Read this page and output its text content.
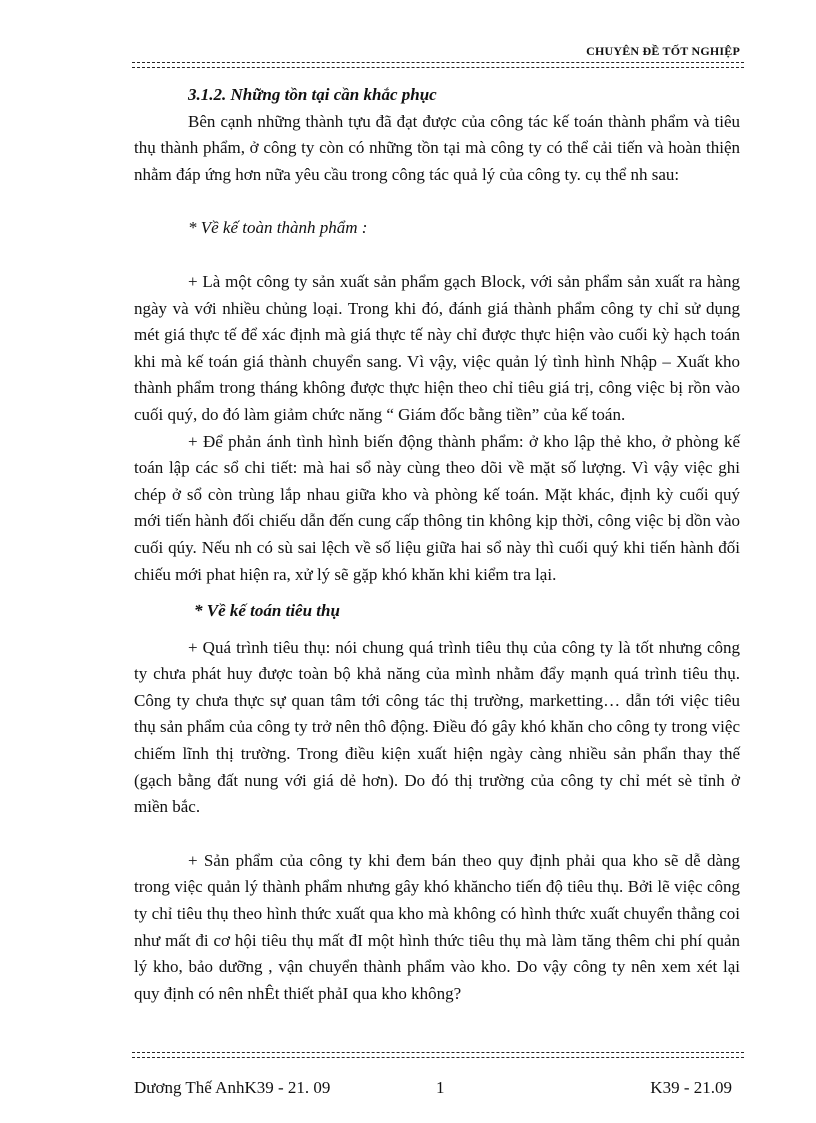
CHUYÊN ĐỀ TỐT NGHIỆP

3.1.2. Những tồn tại cần khắc phục

Bên cạnh những thành tựu đã đạt được của công tác kế toán thành phẩm và tiêu thụ thành phẩm, ở công ty còn có những tồn tại mà công ty có thể cải tiến và hoàn thiện nhằm đáp ứng hơn nữa yêu cầu trong công tác quả lý của công ty. cụ thể nh sau:

* Về kế toàn thành phẩm :

+ Là một công ty sản xuất sản phẩm gạch Block, với sản phẩm sản xuất ra hàng ngày và với nhiều chủng loại. Trong khi đó, đánh giá thành phẩm công ty chỉ sử dụng mét giá thực tế để xác định mà giá thực tế này chỉ được thực hiện vào cuối kỳ hạch toán khi mà kế toán giá thành chuyển sang. Vì vậy, việc quản lý tình hình Nhập – Xuất kho thành phẩm trong tháng không được thực hiện theo chỉ tiêu giá trị, công việc bị rồn vào cuối quý, do đó làm giảm chức năng “ Giám đốc bằng tiền” của kế toán.

+ Để phản ánh tình hình biến động thành phẩm: ở kho lập thẻ kho, ở phòng kế toán lập các sổ chi tiết: mà hai sổ này cùng theo dõi về mặt số lượng. Vì vậy việc ghi chép ở sổ còn trùng lắp nhau giữa kho và phòng kế toán. Mặt khác, định kỳ cuối quý mới tiến hành đối chiếu dẫn đến cung cấp thông tin không kịp thời, công việc bị dồn vào cuối qúy. Nếu nh có sù sai lệch về số liệu giữa hai sổ này thì cuối quý khi tiến hành đối chiếu mới phat hiện ra, xử lý sẽ gặp khó khăn khi kiểm tra lại.

* Về kế toán tiêu thụ

+ Quá trình tiêu thụ: nói chung quá trình tiêu thụ của công ty là tốt nhưng công ty chưa phát huy được toàn bộ khả năng của mình nhằm đẩy mạnh quá trình tiêu thụ. Công ty chưa thực sự quan tâm tới công tác thị trường, marketting… dẫn tới việc tiêu thụ sản phẩm của công ty trở nên thô động. Điều đó gây khó khăn cho công ty trong việc chiếm lĩnh thị trường. Trong điều kiện xuất hiện ngày càng nhiều sản phẩn thay thế (gạch bằng đất nung với giá dẻ hơn). Do đó thị trường của công ty chỉ mét sè tỉnh ở miền bắc.

+ Sản phẩm của công ty khi đem bán theo quy định phải qua kho sẽ dễ dàng trong việc quản lý thành phẩm nhưng gây khó khăncho tiến độ tiêu thụ. Bởi lẽ việc công ty chỉ tiêu thụ theo hình thức xuất qua kho mà không có hình thức xuất chuyển thẳng coi như mất đi cơ hội tiêu thụ mất đI một hình thức tiêu thụ mà làm tăng thêm chi phí quản lý kho, bảo dưỡng , vận chuyển thành phẩm vào kho. Do vậy công ty nên xem xét lại quy định có nên nhÊt thiết phảI qua kho không?

Dương Thế AnhK39 - 21. 09	1	K39 - 21.09
